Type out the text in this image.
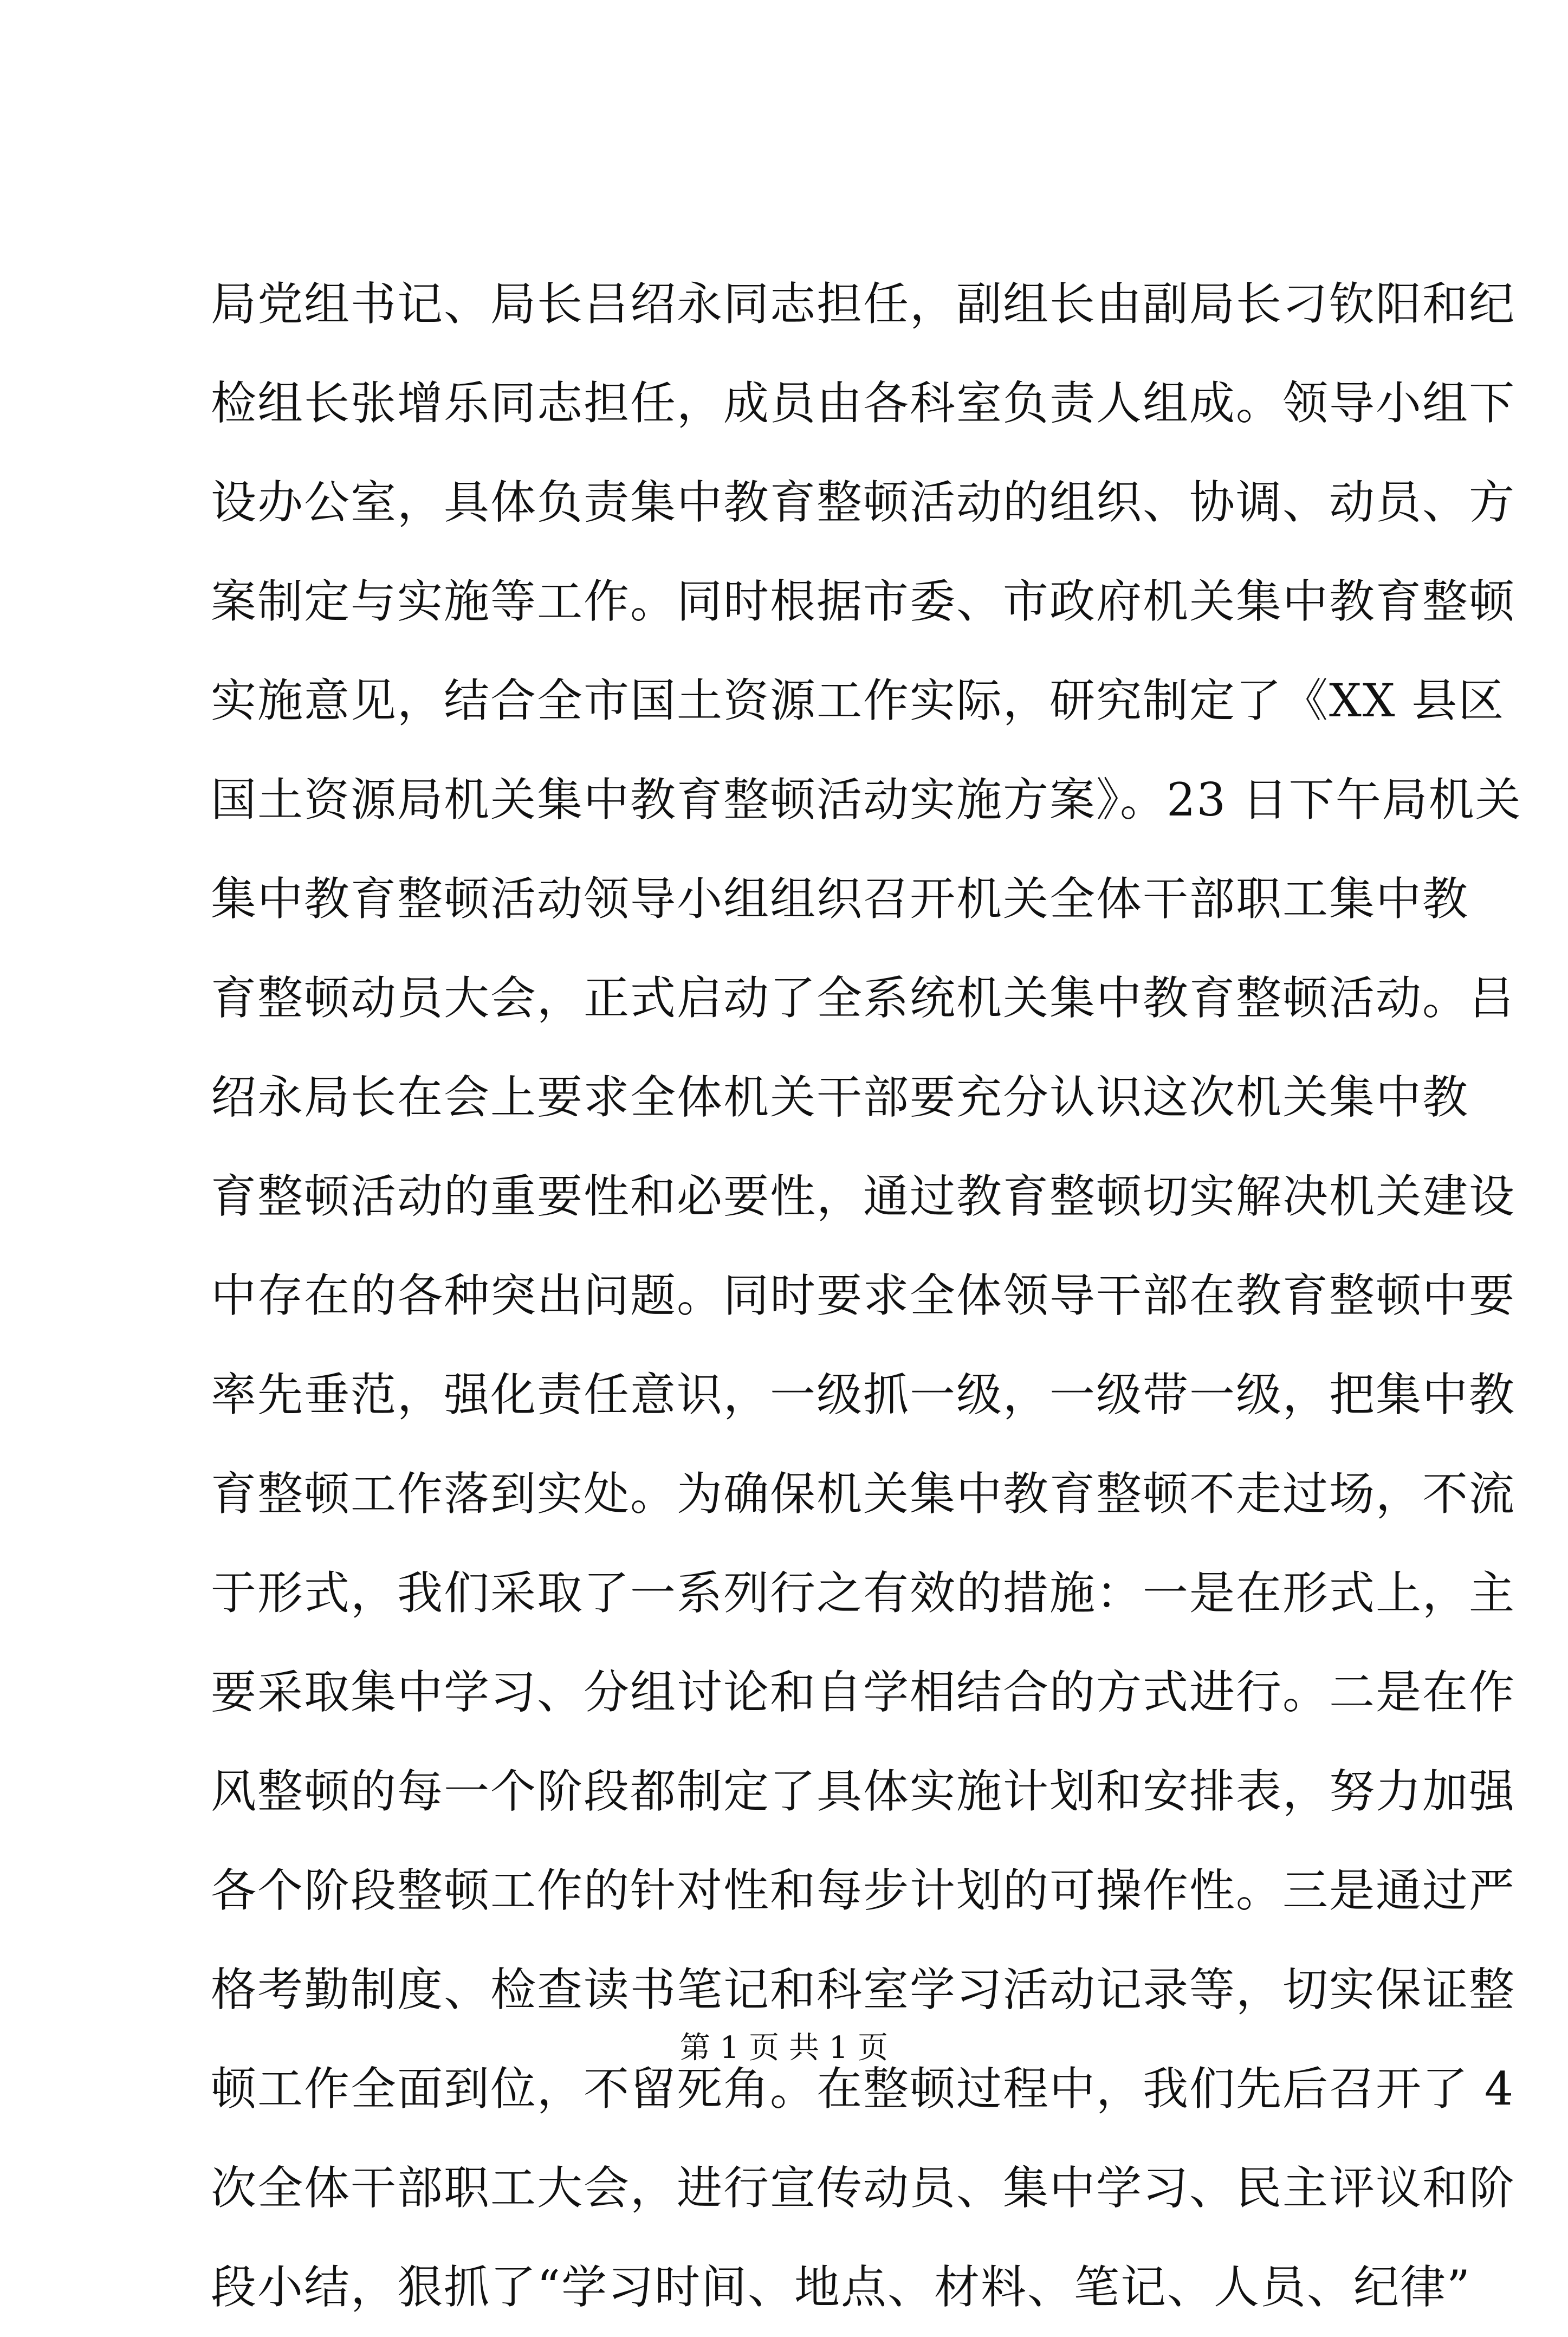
局党组书记、局长吕绍永同志担任，副组长由副局长刁钦阳和纪
检组长张增乐同志担任，成员由各科室负责人组成。领导小组下
设办公室，具体负责集中教育整顿活动的组织、协调、动员、方
案制定与实施等工作。同时根据市委、市政府机关集中教育整顿
实施意见，结合全市国土资源工作实际，研究制定了《XX 县区
国土资源局机关集中教育整顿活动实施方案》。23 日下午局机关
集中教育整顿活动领导小组组织召开机关全体干部职工集中教
育整顿动员大会，正式启动了全系统机关集中教育整顿活动。吕
绍永局长在会上要求全体机关干部要充分认识这次机关集中教
育整顿活动的重要性和必要性，通过教育整顿切实解决机关建设
中存在的各种突出问题。同时要求全体领导干部在教育整顿中要
率先垂范，强化责任意识，一级抓一级，一级带一级，把集中教
育整顿工作落到实处。为确保机关集中教育整顿不走过场，不流
于形式，我们采取了一系列行之有效的措施：一是在形式上，主
要采取集中学习、分组讨论和自学相结合的方式进行。二是在作
风整顿的每一个阶段都制定了具体实施计划和安排表，努力加强
各个阶段整顿工作的针对性和每步计划的可操作性。三是通过严
格考勤制度、检查读书笔记和科室学习活动记录等，切实保证整
顿工作全面到位，不留死角。在整顿过程中，我们先后召开了 4
次全体干部职工大会，进行宣传动员、集中学习、民主评议和阶
段小结，狠抓了“学习时间、地点、材料、笔记、人员、纪律”
第 1 页 共 1 页
